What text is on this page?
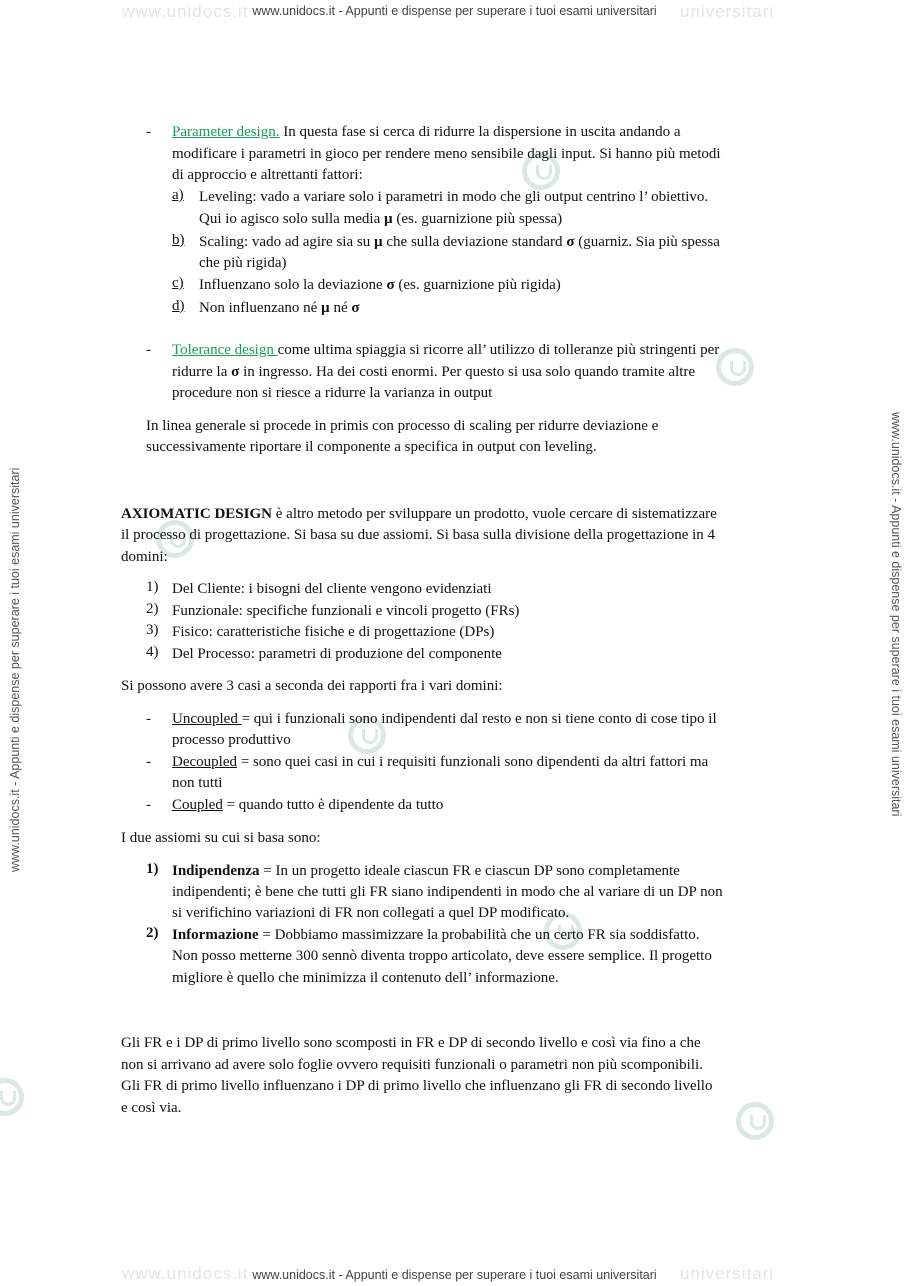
www.unidocs.it	universitari
www.unidocs.it - Appunti e dispense per superare i tuoi esami universitari
www.unidocs.it	universitari
www.unidocs.it - Appunti e dispense per superare i tuoi esami universitari
www.unidocs.it - Appunti e dispense per superare i tuoi esami universitari	www.unidocs.it - Appunti e dispense per superare i tuoi esami universitari
- Parameter design. In questa fase si cerca di ridurre la dispersione in uscita andando a
modificare i parametri in gioco per rendere meno sensibile dagli input. Si hanno più metodi
di approccio e altrettanti fattori:
a) Leveling: vado a variare solo i parametri in modo che gli output centrino l’ obiettivo.
Qui io agisco solo sulla media µ (es. guarnizione più spessa)
b) Scaling: vado ad agire sia su µ che sulla deviazione standard σ (guarniz. Sia più spessa
che più rigida)
c) Influenzano solo la deviazione σ (es. guarnizione più rigida)
d) Non influenzano né µ né σ
- Tolerance design come ultima spiaggia si ricorre all’ utilizzo di tolleranze più stringenti per
ridurre la σ in ingresso. Ha dei costi enormi. Per questo si usa solo quando tramite altre
procedure non si riesce a ridurre la varianza in output
In linea generale si procede in primis con processo di scaling per ridurre deviazione e
successivamente riportare il componente a specifica in output con leveling.
AXIOMATIC DESIGN è altro metodo per sviluppare un prodotto, vuole cercare di sistematizzare
il processo di progettazione. Si basa su due assiomi. Si basa sulla divisione della progettazione in 4
domini:
1) Del Cliente: i bisogni del cliente vengono evidenziati
2) Funzionale: specifiche funzionali e vincoli progetto (FRs)
3) Fisico: caratteristiche fisiche e di progettazione (DPs)
4) Del Processo: parametri di produzione del componente
Si possono avere 3 casi a seconda dei rapporti fra i vari domini:
- Uncoupled = qui i funzionali sono indipendenti dal resto e non si tiene conto di cose tipo il
processo produttivo
- Decoupled = sono quei casi in cui i requisiti funzionali sono dipendenti da altri fattori ma
non tutti
- Coupled = quando tutto è dipendente da tutto
I due assiomi su cui si basa sono:
1) Indipendenza = In un progetto ideale ciascun FR e ciascun DP sono completamente
indipendenti; è bene che tutti gli FR siano indipendenti in modo che al variare di un DP non
si verifichino variazioni di FR non collegati a quel DP modificato.
2) Informazione = Dobbiamo massimizzare la probabilità che un certo FR sia soddisfatto.
Non posso metterne 300 sennò diventa troppo articolato, deve essere semplice. Il progetto
migliore è quello che minimizza il contenuto dell’ informazione.
Gli FR e i DP di primo livello sono scomposti in FR e DP di secondo livello e così via fino a che
non si arrivano ad avere solo foglie ovvero requisiti funzionali o parametri non più scomponibili.
Gli FR di primo livello influenzano i DP di primo livello che influenzano gli FR di secondo livello
e così via.
